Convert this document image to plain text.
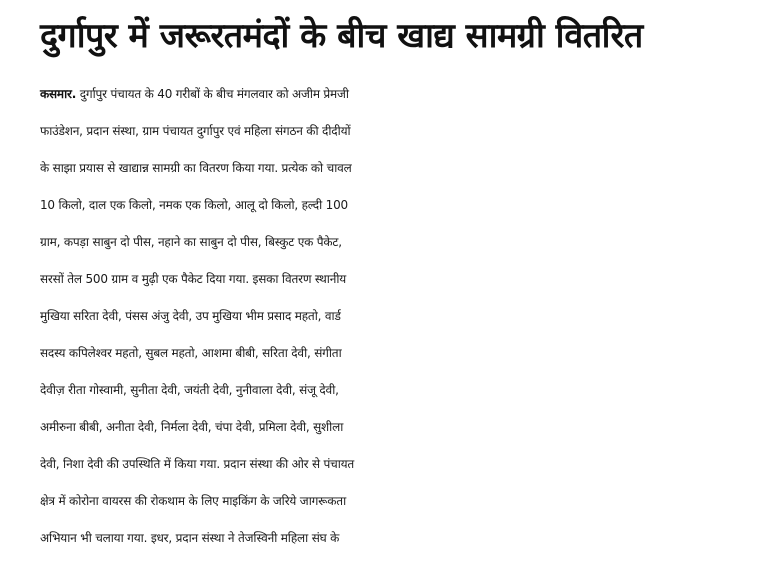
दुर्गापुर में जरूरतमंदों के बीच खाद्य सामग्री वितरित
कसमार. दुर्गापुर पंचायत के 40 गरीबों के बीच मंगलवार को अजीम प्रेमजी
फाउंडेशन, प्रदान संस्था, ग्राम पंचायत दुर्गापुर एवं महिला संगठन की दीदीयों
के साझा प्रयास से खाद्यान्न सामग्री का वितरण किया गया. प्रत्येक को चावल
10 किलो, दाल एक किलो, नमक एक किलो, आलू दो किलो, हल्दी 100
ग्राम, कपड़ा साबुन दो पीस, नहाने का साबुन दो पीस, बिस्कुट एक पैकेट,
सरसों तेल 500 ग्राम व मुढ़ी एक पैकेट दिया गया. इसका वितरण स्थानीय
मुखिया सरिता देवी, पंसस अंजु देवी, उप मुखिया भीम प्रसाद महतो, वार्ड
सदस्य कपिलेश्वर महतो, सुबल महतो, आशमा बीबी, सरिता देवी, संगीता
देवीज़ रीता गोस्वामी, सुनीता देवी, जयंती देवी, नुनीवाला देवी, संजू देवी,
अमीरुना बीबी, अनीता देवी, निर्मला देवी, चंपा देवी, प्रमिला देवी, सुशीला
देवी, निशा देवी की उपस्थिति में किया गया. प्रदान संस्था की ओर से पंचायत
क्षेत्र में कोरोना वायरस की रोकथाम के लिए माइकिंग के जरिये जागरूकता
अभियान भी चलाया गया. इधर, प्रदान संस्था ने तेजस्विनी महिला संघ के
